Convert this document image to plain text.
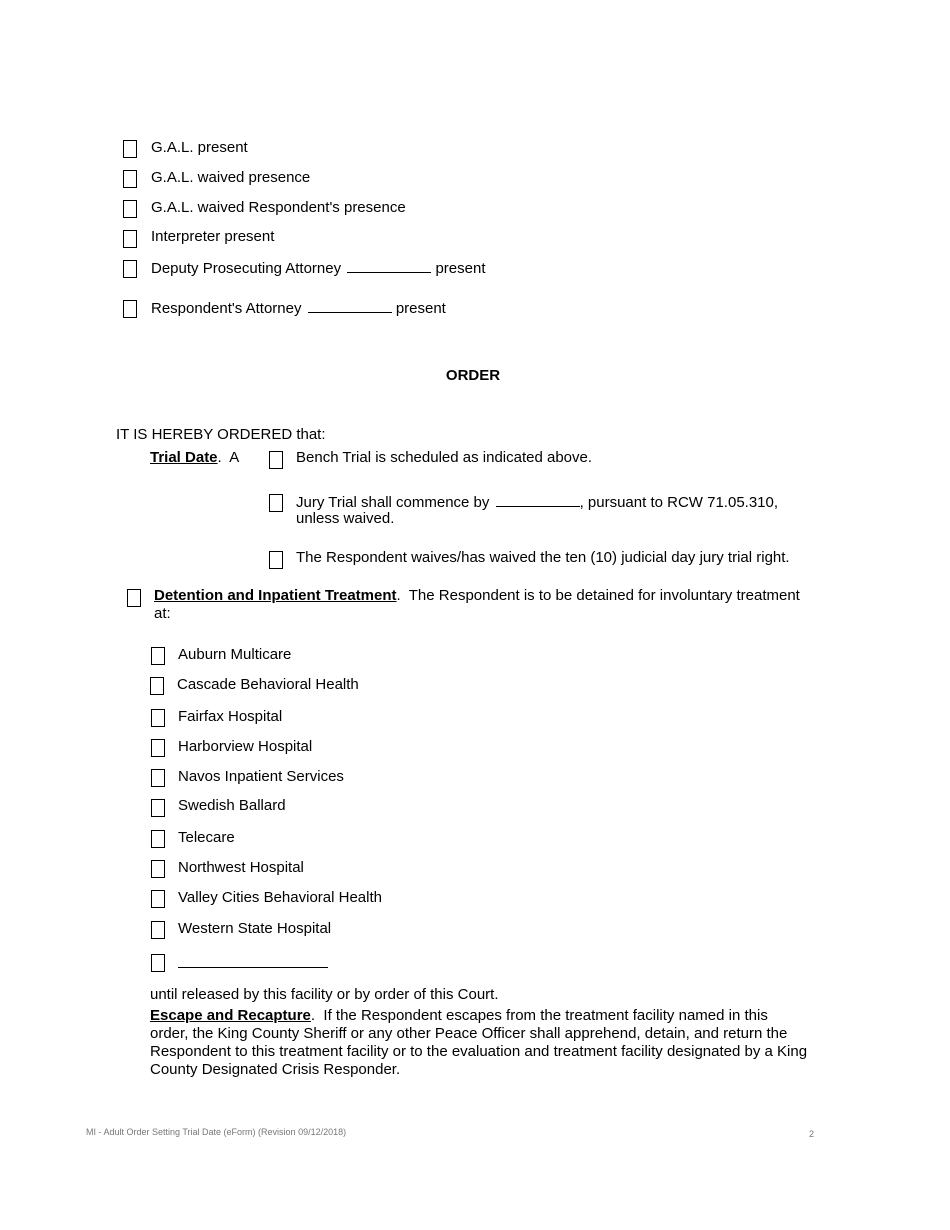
G.A.L. present
G.A.L. waived presence
G.A.L. waived Respondent's presence
Interpreter present
Deputy Prosecuting Attorney	present
Respondent's Attorney	present
ORDER
IT IS HEREBY ORDERED that:
Trial Date.  A	Bench Trial is scheduled as indicated above.
Jury Trial shall commence by	, pursuant to RCW 71.05.310,
unless waived.
The Respondent waives/has waived the ten (10) judicial day jury trial right.
Detention and Inpatient Treatment.  The Respondent is to be detained for involuntary treatment
at:
Auburn Multicare
Cascade Behavioral Health
Fairfax Hospital
Harborview Hospital
Navos Inpatient Services
Swedish Ballard
Telecare
Northwest Hospital
Valley Cities Behavioral Health
Western State Hospital
until released by this facility or by order of this Court.
Escape and Recapture.  If the Respondent escapes from the treatment facility named in this
order, the King County Sheriff or any other Peace Officer shall apprehend, detain, and return the
Respondent to this treatment facility or to the evaluation and treatment facility designated by a King
County Designated Crisis Responder.
MI - Adult Order Setting Trial Date (eForm) (Revision 09/12/2018)	2
